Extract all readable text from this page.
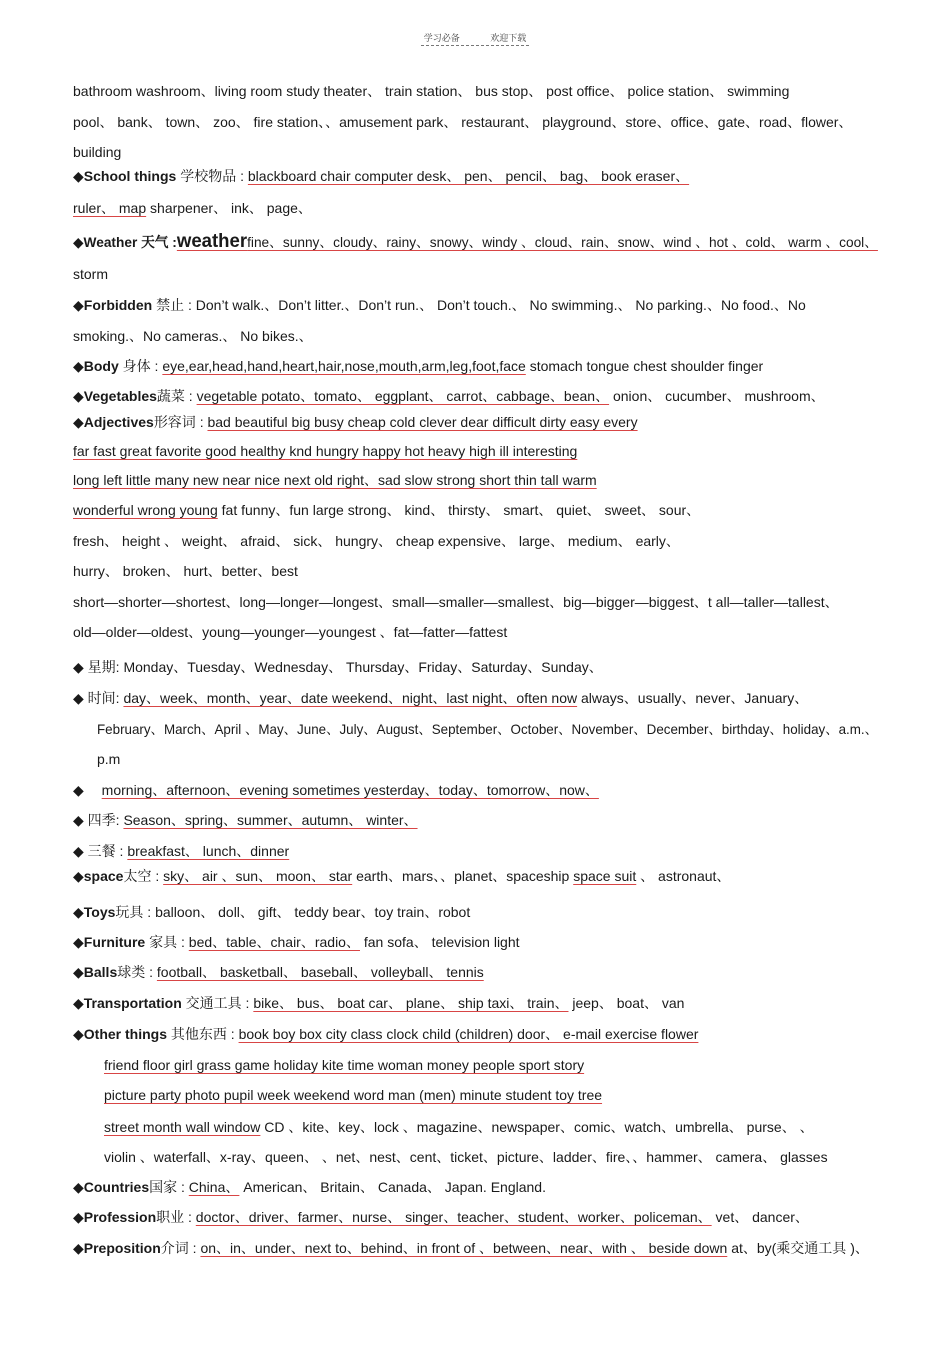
学习必备	欢迎下载
bathroom washroom、living room study theater、 train station、 bus stop、 post office、 police station、 swimming
pool、 bank、 town、 zoo、 fire station、、amusement park、 restaurant、 playground、store、office、gate、road、flower、
building
◆School things 学校物品 : blackboard chair computer desk、 pen、 pencil、 bag、 book eraser、
ruler、 map sharpener、 ink、 page、
◆Weather 天气 :weatherfine、sunny、cloudy、rainy、snowy、windy 、cloud、rain、snow、wind 、hot 、cold、 warm 、cool、
storm
◆Forbidden 禁止 : Don’t walk.、Don’t litter.、Don’t run.、 Don’t touch.、 No swimming.、 No parking.、No food.、No
smoking.、No cameras.、 No bikes.、
◆Body 身体 : eye,ear,head,hand,heart,hair,nose,mouth,arm,leg,foot,face stomach tongue chest shoulder finger
◆Vegetables蔬菜 : vegetable potato、tomato、 eggplant、 carrot、cabbage、bean、 onion、 cucumber、 mushroom、
◆Adjectives形容词 : bad beautiful big busy cheap cold clever dear difficult dirty easy every
far fast great favorite good healthy knd hungry happy hot heavy high ill interesting
long left little many new near nice next old right、sad slow strong short thin tall warm
wonderful wrong young fat funny、fun large strong、 kind、 thirsty、 smart、 quiet、 sweet、 sour、
fresh、 height 、 weight、 afraid、 sick、 hungry、 cheap expensive、 large、 medium、 early、
hurry、 broken、 hurt、better、best
short—shorter—shortest、long—longer—longest、small—smaller—smallest、big—bigger—biggest、t all—taller—tallest、
old—older—oldest、young—younger—youngest 、fat—fatter—fattest
◆ 星期: Monday、Tuesday、Wednesday、 Thursday、Friday、Saturday、Sunday、
◆ 时间: day、week、month、year、date weekend、night、last night、often now always、usually、never、January、
February、March、April 、May、June、July、August、September、October、November、December、birthday、holiday、a.m.、
p.m
◆ morning、afternoon、evening sometimes yesterday、today、tomorrow、now、
◆ 四季: Season、spring、summer、autumn、 winter、
◆ 三餐 : breakfast、 lunch、dinner
◆space太空 : sky、 air 、sun、 moon、 star earth、mars、、planet、spaceship space suit 、 astronaut、
◆Toys玩具 : balloon、 doll、 gift、 teddy bear、toy train、robot
◆Furniture 家具 : bed、table、chair、radio、 fan sofa、 television light
◆Balls球类 : football、 basketball、 baseball、 volleyball、 tennis
◆Transportation 交通工具 : bike、 bus、 boat car、 plane、 ship taxi、 train、 jeep、 boat、 van
◆Other things 其他东西 : book boy box city class clock child (children) door、 e-mail exercise flower
friend floor girl grass game holiday kite time woman money people sport story
picture party photo pupil week weekend word man (men) minute student toy tree
street month wall window CD 、kite、key、lock 、magazine、newspaper、comic、watch、umbrella、 purse、 、
violin 、waterfall、x-ray、queen、 、net、nest、cent、ticket、picture、ladder、fire、、hammer、 camera、 glasses
◆Countries国家 : China、 American、 Britain、 Canada、 Japan. England.
◆Profession职业 : doctor、driver、farmer、nurse、 singer、teacher、student、worker、policeman、 vet、 dancer、
◆Preposition介词 : on、in、under、next to、behind、in front of 、between、near、with 、 beside down at、by(乘交通工具 )、
